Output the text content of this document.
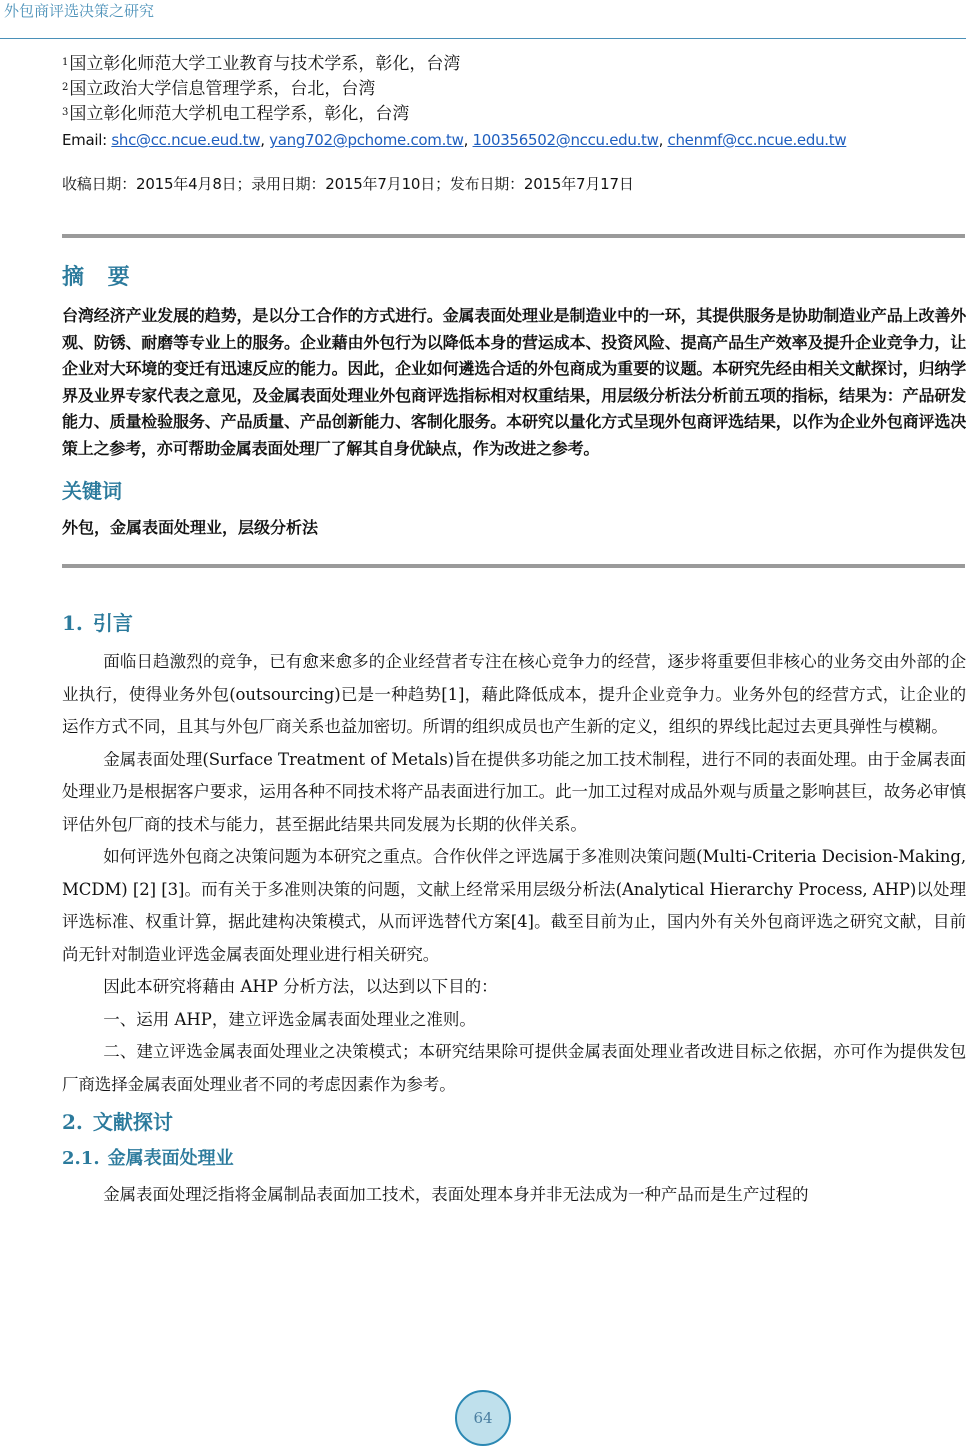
外包商评选决策之研究
$^1$国立彰化师范大学工业教育与技术学系，彰化，台湾
$^2$国立政治大学信息管理学系，台北，台湾
$^3$国立彰化师范大学机电工程学系，彰化，台湾
Email: shc@cc.ncue.eud.tw, yang702@pchome.com.tw, 100356502@nccu.edu.tw, chenmf@cc.ncue.edu.tw
收稿日期：2015年4月8日；录用日期：2015年7月10日；发布日期：2015年7月17日
摘 要
台湾经济产业发展的趋势，是以分工合作的方式进行。金属表面处理业是制造业中的一环，其提供服务是协助制造业产品上改善外观、防锈、耐磨等专业上的服务。企业藉由外包行为以降低本身的营运成本、投资风险、提高产品生产效率及提升企业竞争力，让企业对大环境的变迁有迅速反应的能力。因此，企业如何遴选合适的外包商成为重要的议题。本研究先经由相关文献探讨，归纳学界及业界专家代表之意见，及金属表面处理业外包商评选指标相对权重结果，用层级分析法分析前五项的指标，结果为：产品研发能力、质量检验服务、产品质量、产品创新能力、客制化服务。本研究以量化方式呈现外包商评选结果，以作为企业外包商评选决策上之参考，亦可帮助金属表面处理厂了解其自身优缺点，作为改进之参考。
关键词
外包，金属表面处理业，层级分析法
1. 引言
面临日趋激烈的竞争，已有愈来愈多的企业经营者专注在核心竞争力的经营，逐步将重要但非核心的业务交由外部的企业执行，使得业务外包(outsourcing)已是一种趋势[1]，藉此降低成本，提升企业竞争力。业务外包的经营方式，让企业的运作方式不同，且其与外包厂商关系也益加密切。所谓的组织成员也产生新的定义，组织的界线比起过去更具弹性与模糊。
金属表面处理(Surface Treatment of Metals)旨在提供多功能之加工技术制程，进行不同的表面处理。由于金属表面处理业乃是根据客户要求，运用各种不同技术将产品表面进行加工。此一加工过程对成品外观与质量之影响甚巨，故务必审慎评估外包厂商的技术与能力，甚至据此结果共同发展为长期的伙伴关系。
如何评选外包商之决策问题为本研究之重点。合作伙伴之评选属于多准则决策问题(Multi-Criteria Decision-Making, MCDM) [2] [3]。而有关于多准则决策的问题，文献上经常采用层级分析法(Analytical Hierarchy Process, AHP)以处理评选标准、权重计算，据此建构决策模式，从而评选替代方案[4]。截至目前为止，国内外有关外包商评选之研究文献，目前尚无针对制造业评选金属表面处理业进行相关研究。
因此本研究将藉由 AHP 分析方法，以达到以下目的：
一、运用 AHP，建立评选金属表面处理业之准则。
二、建立评选金属表面处理业之决策模式；本研究结果除可提供金属表面处理业者改进目标之依据，亦可作为提供发包厂商选择金属表面处理业者不同的考虑因素作为参考。
2. 文献探讨
2.1. 金属表面处理业
金属表面处理泛指将金属制品表面加工技术，表面处理本身并非无法成为一种产品而是生产过程的
64
